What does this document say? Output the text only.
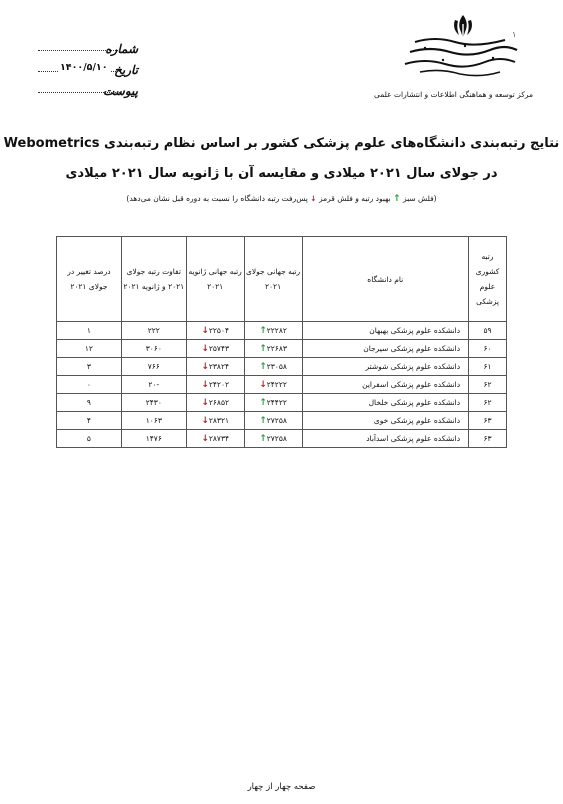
۱
مرکز توسعه و هماهنگی اطلاعات و انتشارات علمی
شماره
تاریخ
۱۴۰۰/۵/۱۰
پیوست
نتایج رتبه‌بندی دانشگاه‌های علوم پزشکی کشور بر اساس نظام رتبه‌بندی Webometrics
در جولای سال ۲۰۲۱ میلادی و مقایسه آن با ژانویه سال ۲۰۲۱ میلادی
(فلش سبز ↑ بهبود رتبه و فلش قرمز ↓ پس‌رفت رتبه دانشگاه را نسبت به دوره قبل نشان می‌دهد)
رتبه کشوری علوم پزشکی	نام دانشگاه	رتبه جهانی جولای ۲۰۲۱	رتبه جهانی ژانویه ۲۰۲۱	تفاوت رتبه جولای ۲۰۲۱ و ژانویه ۲۰۲۱	درصد تغییر در جولای ۲۰۲۱
۵۹	دانشکده علوم پزشکی بهبهان	۲۲۲۸۲↑	۲۲۵۰۴↓	۲۲۲	۱
۶۰	دانشکده علوم پزشکی سیرجان	۲۲۶۸۳↑	۲۵۷۴۳↓	۳۰۶۰	۱۲
۶۱	دانشکده علوم پزشکی شوشتر	۲۳۰۵۸↑	۲۳۸۲۴↓	۷۶۶	۳
۶۲	دانشکده علوم پزشکی اسفراین	۲۴۲۲۲↓	۲۴۲۰۲↓	-۲۰	۰
۶۲	دانشکده علوم پزشکی خلخال	۲۴۴۲۲↑	۲۶۸۵۲↓	۲۴۳۰	۹
۶۳	دانشکده علوم پزشکی خوی	۲۷۲۵۸↑	۲۸۳۲۱↓	۱۰۶۳	۴
۶۳	دانشکده علوم پزشکی اسدآباد	۲۷۲۵۸↑	۲۸۷۳۴↓	۱۴۷۶	۵
صفحه چهار از چهار
